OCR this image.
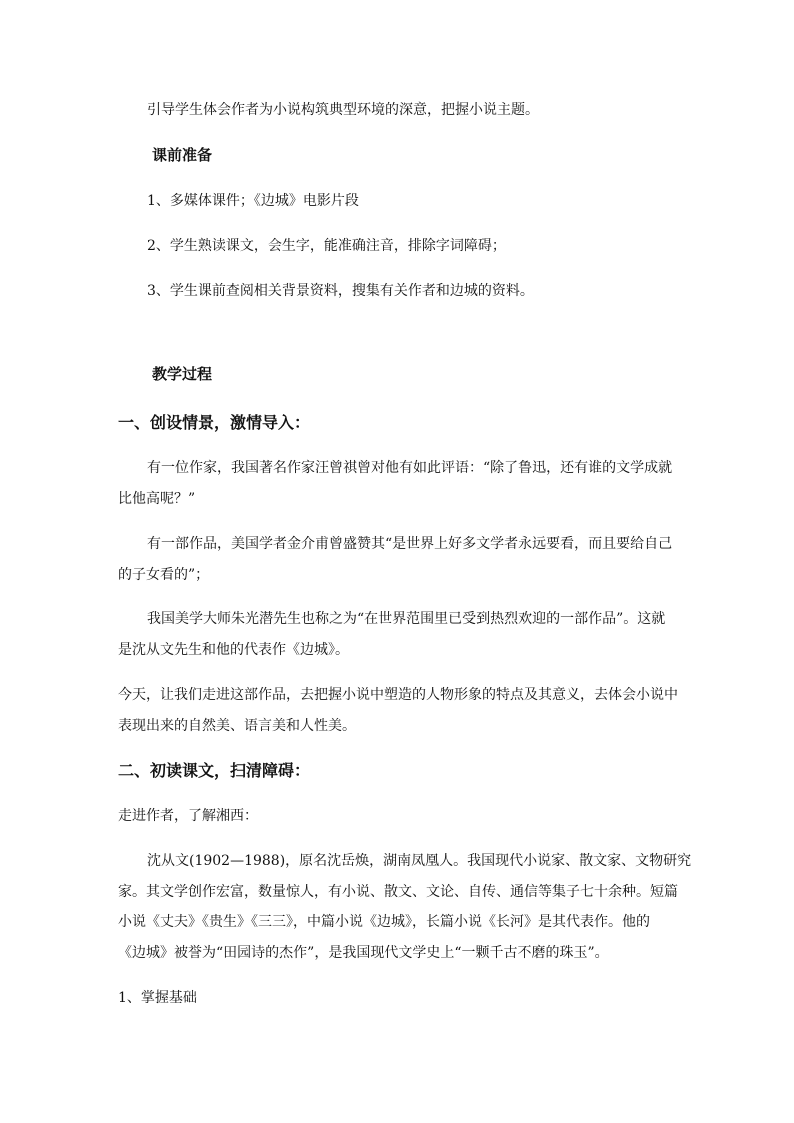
引导学生体会作者为小说构筑典型环境的深意，把握小说主题。
课前准备
1、多媒体课件；《边城》电影片段
2、学生熟读课文，会生字，能准确注音，排除字词障碍；
3、学生课前查阅相关背景资料，搜集有关作者和边城的资料。
教学过程
一、创设情景，激情导入：
有一位作家，我国著名作家汪曾祺曾对他有如此评语：“除了鲁迅，还有谁的文学成就
比他高呢？”
有一部作品，美国学者金介甫曾盛赞其“是世界上好多文学者永远要看，而且要给自己
的子女看的”；
我国美学大师朱光潜先生也称之为“在世界范围里已受到热烈欢迎的一部作品”。这就
是沈从文先生和他的代表作《边城》。
今天，让我们走进这部作品，去把握小说中塑造的人物形象的特点及其意义，去体会小说中
表现出来的自然美、语言美和人性美。
二、初读课文，扫清障碍：
走进作者，了解湘西：
沈从文(1902—1988)，原名沈岳焕，湖南凤凰人。我国现代小说家、散文家、文物研究
家。其文学创作宏富，数量惊人，有小说、散文、文论、自传、通信等集子七十余种。短篇
小说《丈夫》《贵生》《三三》，中篇小说《边城》，长篇小说《长河》是其代表作。他的
《边城》被誉为“田园诗的杰作”，是我国现代文学史上“一颗千古不磨的珠玉”。
1、掌握基础
